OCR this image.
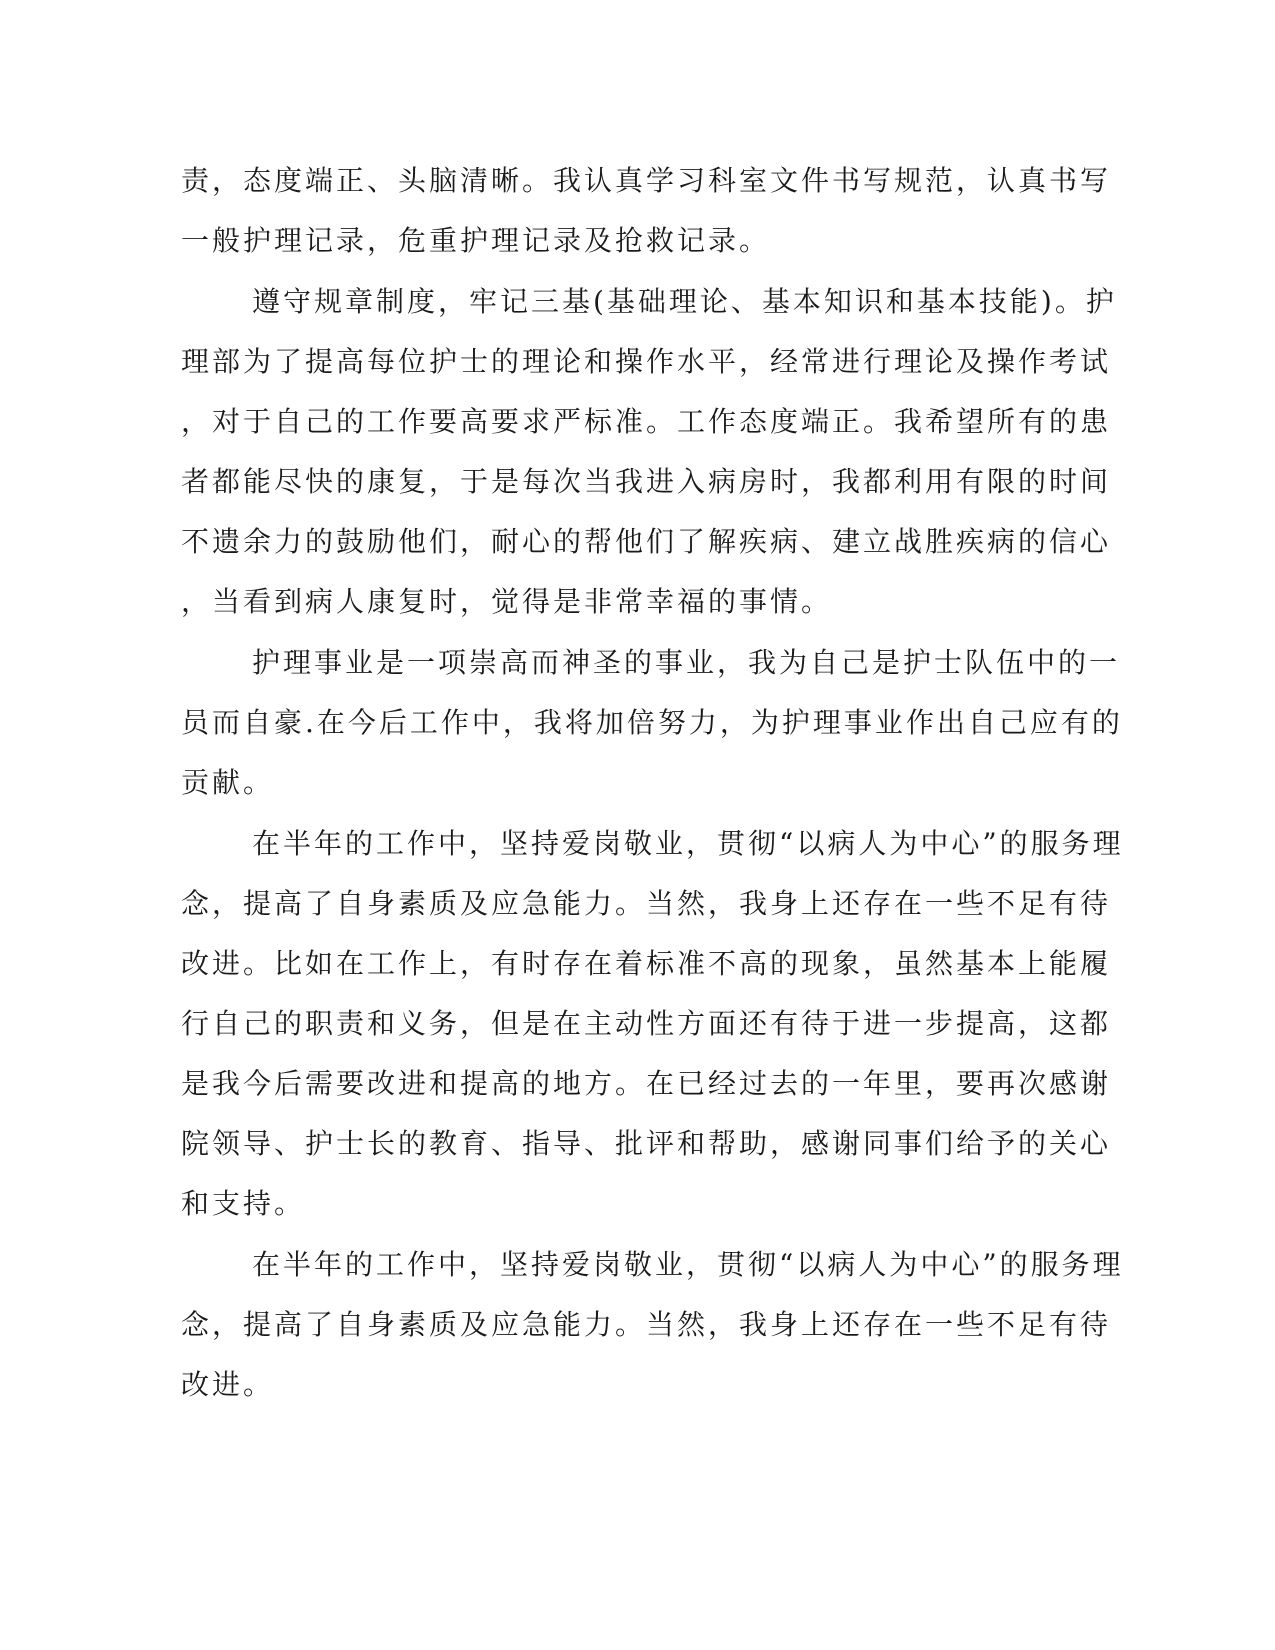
责，态度端正、头脑清晰。我认真学习科室文件书写规范，认真书写
一般护理记录，危重护理记录及抢救记录。
遵守规章制度，牢记三基(基础理论、基本知识和基本技能)。护
理部为了提高每位护士的理论和操作水平，经常进行理论及操作考试
，对于自己的工作要高要求严标准。工作态度端正。我希望所有的患
者都能尽快的康复，于是每次当我进入病房时，我都利用有限的时间
不遗余力的鼓励他们，耐心的帮他们了解疾病、建立战胜疾病的信心
，当看到病人康复时，觉得是非常幸福的事情。
护理事业是一项崇高而神圣的事业，我为自己是护士队伍中的一
员而自豪.在今后工作中，我将加倍努力，为护理事业作出自己应有的
贡献。
在半年的工作中，坚持爱岗敬业，贯彻“以病人为中心”的服务理
念，提高了自身素质及应急能力。当然，我身上还存在一些不足有待
改进。比如在工作上，有时存在着标准不高的现象，虽然基本上能履
行自己的职责和义务，但是在主动性方面还有待于进一步提高，这都
是我今后需要改进和提高的地方。在已经过去的一年里，要再次感谢
院领导、护士长的教育、指导、批评和帮助，感谢同事们给予的关心
和支持。
在半年的工作中，坚持爱岗敬业，贯彻“以病人为中心”的服务理
念，提高了自身素质及应急能力。当然，我身上还存在一些不足有待
改进。
